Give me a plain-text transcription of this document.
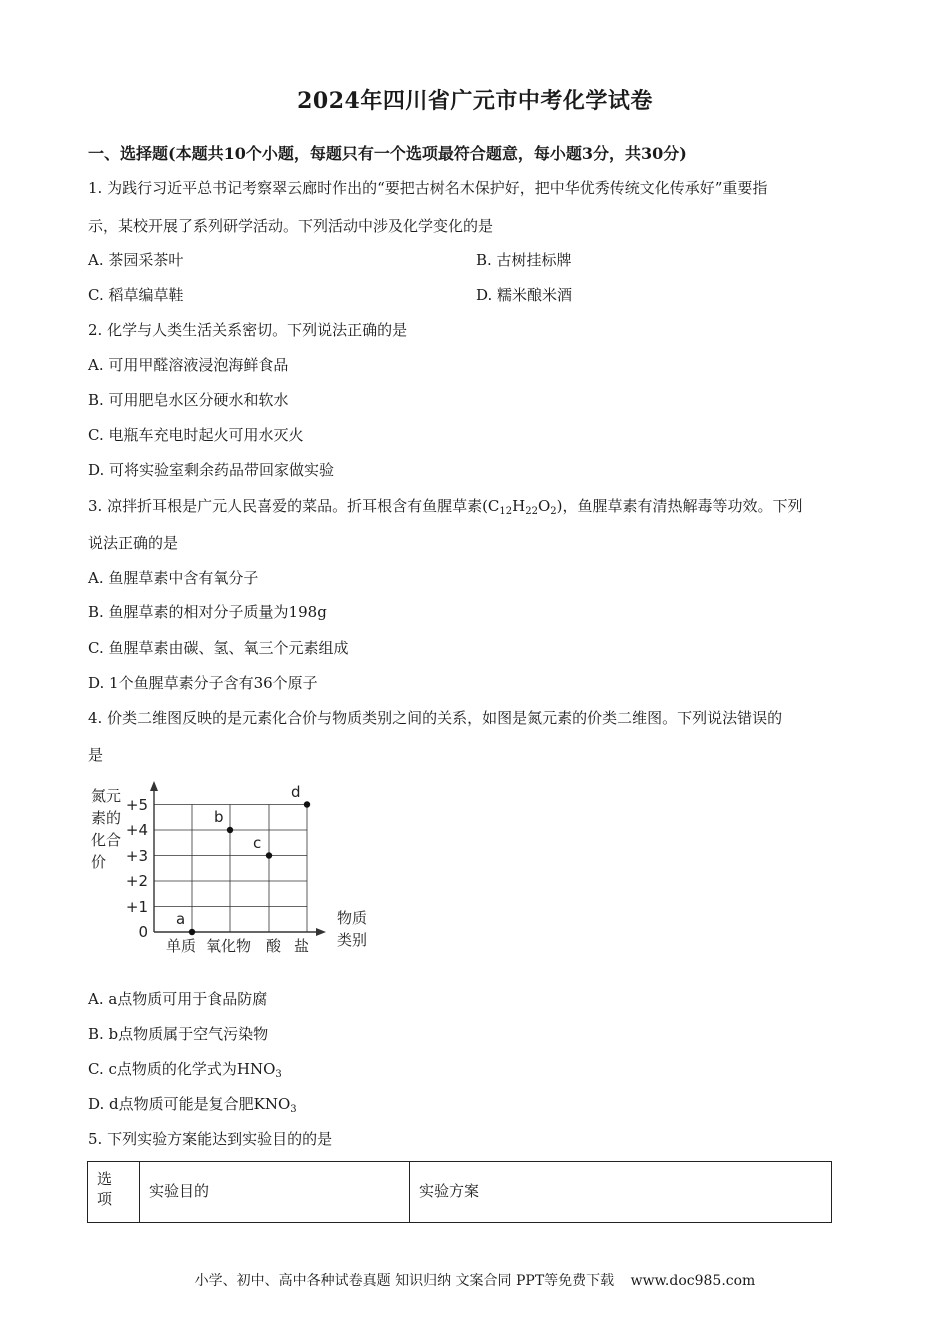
2024年四川省广元市中考化学试卷
一、选择题(本题共10个小题，每题只有一个选项最符合题意，每小题3分，共30分)
1. 为践行习近平总书记考察翠云廊时作出的“要把古树名木保护好，把中华优秀传统文化传承好”重要指
示，某校开展了系列研学活动。下列活动中涉及化学变化的是
A. 茶园采茶叶	B. 古树挂标牌
C. 稻草编草鞋	D. 糯米酿米酒
2. 化学与人类生活关系密切。下列说法正确的是
A. 可用甲醛溶液浸泡海鲜食品
B. 可用肥皂水区分硬水和软水
C. 电瓶车充电时起火可用水灭火
D. 可将实验室剩余药品带回家做实验
3. 凉拌折耳根是广元人民喜爱的菜品。折耳根含有鱼腥草素$(C_{12}H_{22}O_2)$，鱼腥草素有清热解毒等功效。下列
说法正确的是
A. 鱼腥草素中含有氧分子
B. 鱼腥草素的相对分子质量为198g
C. 鱼腥草素由碳、氢、氧三个元素组成
D. 1个鱼腥草素分子含有36个原子
4. 价类二维图反映的是元素化合价与物质类别之间的关系，如图是氮元素的价类二维图。下列说法错误的
是
0
+1
+2
+3
+4
+5
氮元
素的
化合
价
单质 氧化物 酸 盐
物质
类别
a
b
c
d
A. a点物质可用于食品防腐
B. b点物质属于空气污染物
C. c点物质的化学式为$HNO_3$
D. d点物质可能是复合肥$KNO_3$
5. 下列实验方案能达到实验目的的是
选
项	实验目的	实验方案
小学、初中、高中各种试卷真题 知识归纳 文案合同 PPT等免费下载 www.doc985.com
